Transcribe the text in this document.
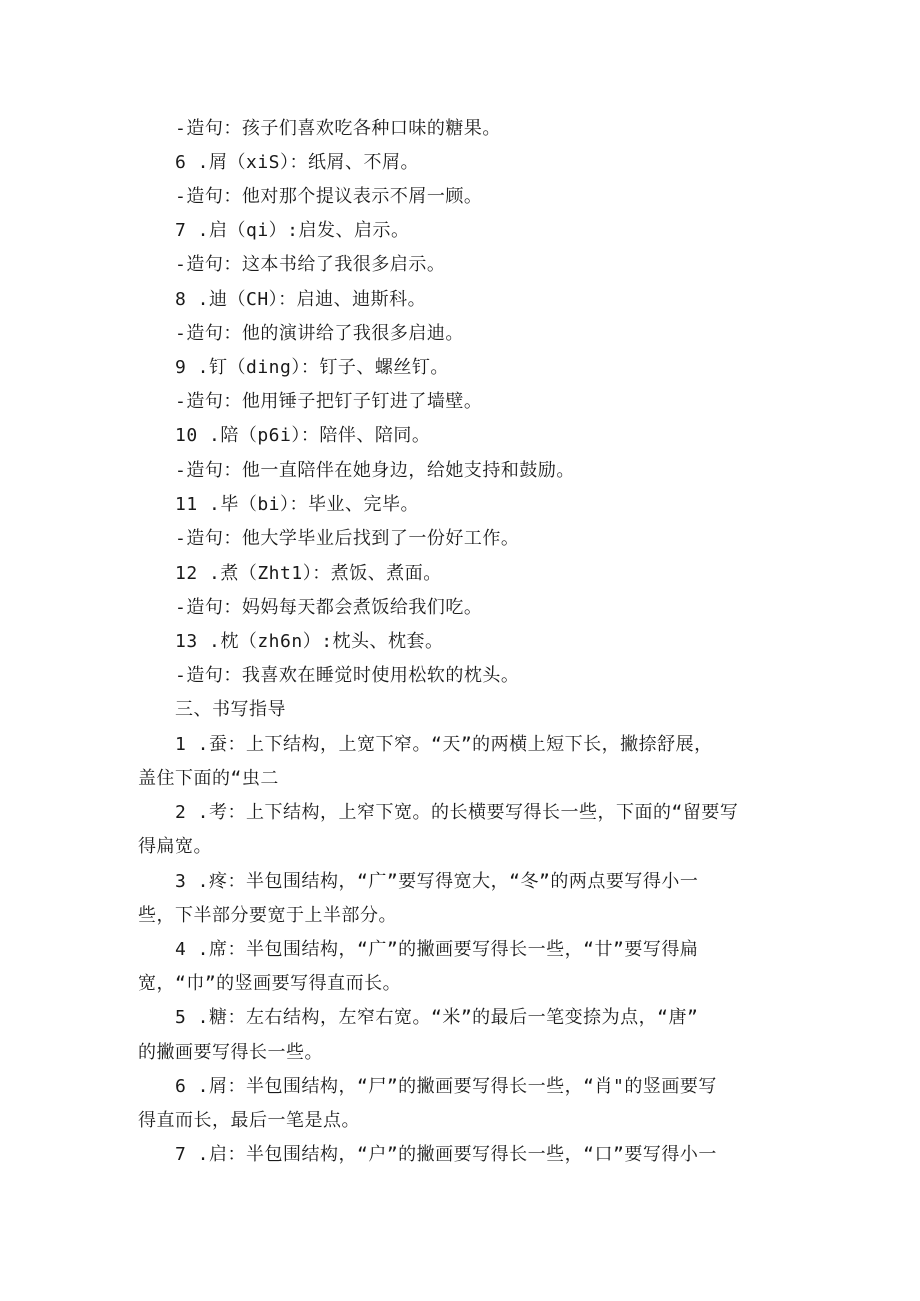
-造句：孩子们喜欢吃各种口味的糖果。
6 .屑（xiS）：纸屑、不屑。
-造句：他对那个提议表示不屑一顾。
7 .启（qi）:启发、启示。
-造句：这本书给了我很多启示。
8 .迪（CH）：启迪、迪斯科。
-造句：他的演讲给了我很多启迪。
9 .钉（ding）：钉子、螺丝钉。
-造句：他用锤子把钉子钉进了墙壁。
10 .陪（p6i）：陪伴、陪同。
-造句：他一直陪伴在她身边，给她支持和鼓励。
11 .毕（bi）：毕业、完毕。
-造句：他大学毕业后找到了一份好工作。
12 .煮（Zht1）：煮饭、煮面。
-造句：妈妈每天都会煮饭给我们吃。
13 .枕（zh6n）:枕头、枕套。
-造句：我喜欢在睡觉时使用松软的枕头。
三、书写指导
1 .蚕：上下结构，上宽下窄。“天”的两横上短下长，撇捺舒展，
盖住下面的“虫二
2 .考：上下结构，上窄下宽。的长横要写得长一些，下面的“留要写
得扁宽。
3 .疼：半包围结构，“广”要写得宽大，“冬”的两点要写得小一
些，下半部分要宽于上半部分。
4 .席：半包围结构，“广”的撇画要写得长一些，“廿”要写得扁
宽，“巾”的竖画要写得直而长。
5 .糖：左右结构，左窄右宽。“米”的最后一笔变捺为点，“唐”
的撇画要写得长一些。
6 .屑：半包围结构，“尸”的撇画要写得长一些，“肖"的竖画要写
得直而长，最后一笔是点。
7 .启：半包围结构，“户”的撇画要写得长一些，“口”要写得小一
